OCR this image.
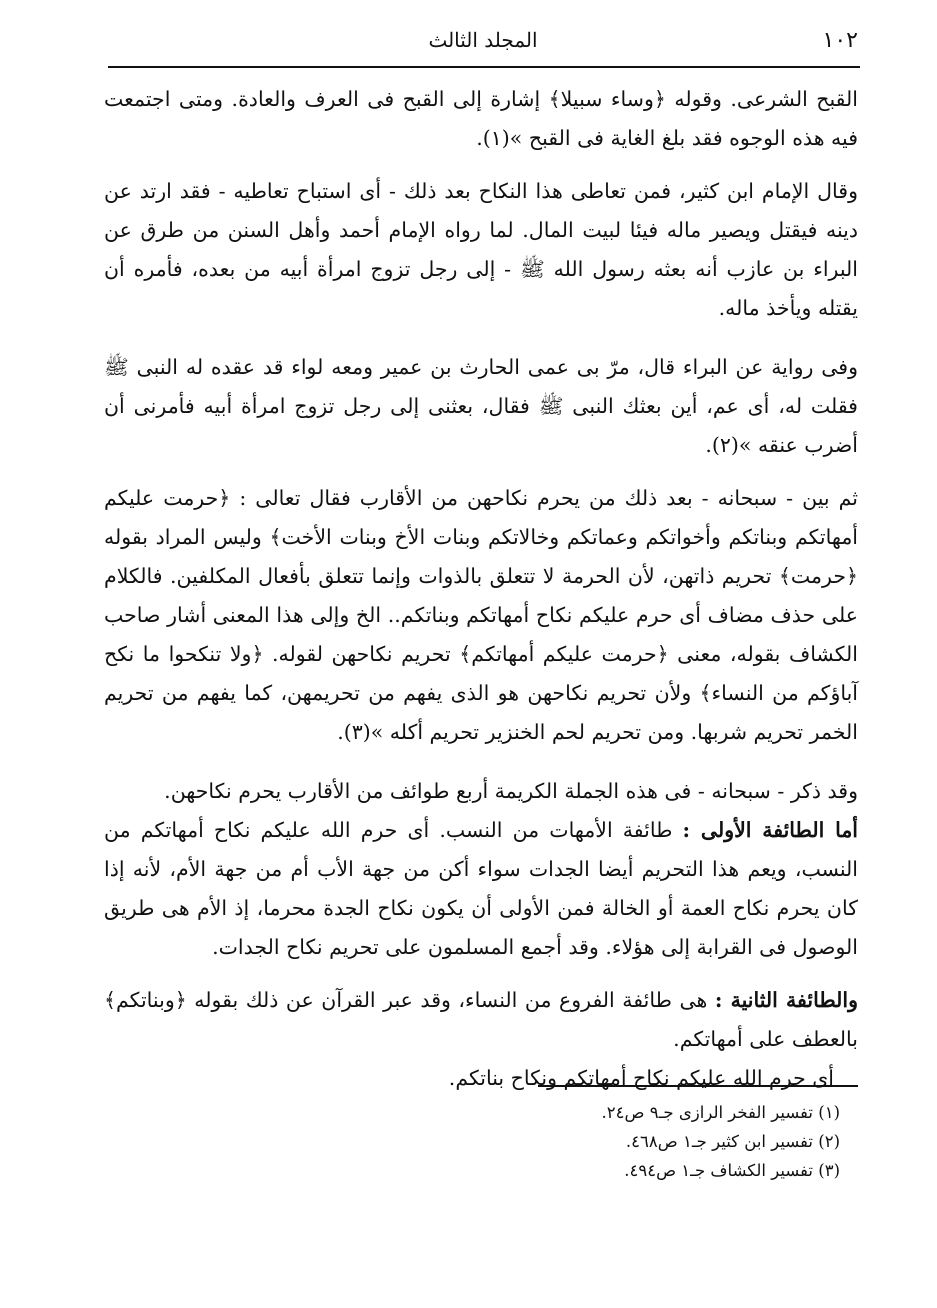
١٠٢
المجلد الثالث

القبح الشرعى. وقوله ﴿وساء سبيلا﴾ إشارة إلى القبح فى العرف والعادة. ومتى اجتمعت فيه هذه الوجوه فقد بلغ الغاية فى القبح »(١).

وقال الإمام ابن كثير، فمن تعاطى هذا النكاح بعد ذلك - أى استباح تعاطيه - فقد ارتد عن دينه فيقتل ويصير ماله فيئا لبيت المال. لما رواه الإمام أحمد وأهل السنن من طرق عن البراء بن عازب أنه بعثه رسول الله ﷺ - إلى رجل تزوج امرأة أبيه من بعده، فأمره أن يقتله ويأخذ ماله.

وفى رواية عن البراء قال، مرّ بى عمى الحارث بن عمير ومعه لواء قد عقده له النبى ﷺ فقلت له، أى عم، أين بعثك النبى ﷺ فقال، بعثنى إلى رجل تزوج امرأة أبيه فأمرنى أن أضرب عنقه »(٢).

ثم بين - سبحانه - بعد ذلك من يحرم نكاحهن من الأقارب فقال تعالى : ﴿حرمت عليكم أمهاتكم وبناتكم وأخواتكم وعماتكم وخالاتكم وبنات الأخ وبنات الأخت﴾ وليس المراد بقوله ﴿حرمت﴾ تحريم ذاتهن، لأن الحرمة لا تتعلق بالذوات وإنما تتعلق بأفعال المكلفين. فالكلام على حذف مضاف أى حرم عليكم نكاح أمهاتكم وبناتكم.. الخ وإلى هذا المعنى أشار صاحب الكشاف بقوله، معنى ﴿حرمت عليكم أمهاتكم﴾ تحريم نكاحهن لقوله. ﴿ولا تنكحوا ما نكح آباؤكم من النساء﴾ ولأن تحريم نكاحهن هو الذى يفهم من تحريمهن، كما يفهم من تحريم الخمر تحريم شربها. ومن تحريم لحم الخنزير تحريم أكله »(٣).

وقد ذكر - سبحانه - فى هذه الجملة الكريمة أربع طوائف من الأقارب يحرم نكاحهن.

أما الطائفة الأولى : طائفة الأمهات من النسب. أى حرم الله عليكم نكاح أمهاتكم من النسب، ويعم هذا التحريم أيضا الجدات سواء أكن من جهة الأب أم من جهة الأم، لأنه إذا كان يحرم نكاح العمة أو الخالة فمن الأولى أن يكون نكاح الجدة محرما، إذ الأم هى طريق الوصول فى القرابة إلى هؤلاء. وقد أجمع المسلمون على تحريم نكاح الجدات.

والطائفة الثانية : هى طائفة الفروع من النساء، وقد عبر القرآن عن ذلك بقوله ﴿وبناتكم﴾ بالعطف على أمهاتكم.

أى حرم الله عليكم نكاح أمهاتكم ونكاح بناتكم.

(١) تفسير الفخر الرازى جـ٩ ص٢٤.
(٢) تفسير ابن كثير جـ١ ص٤٦٨.
(٣) تفسير الكشاف جـ١ ص٤٩٤.
